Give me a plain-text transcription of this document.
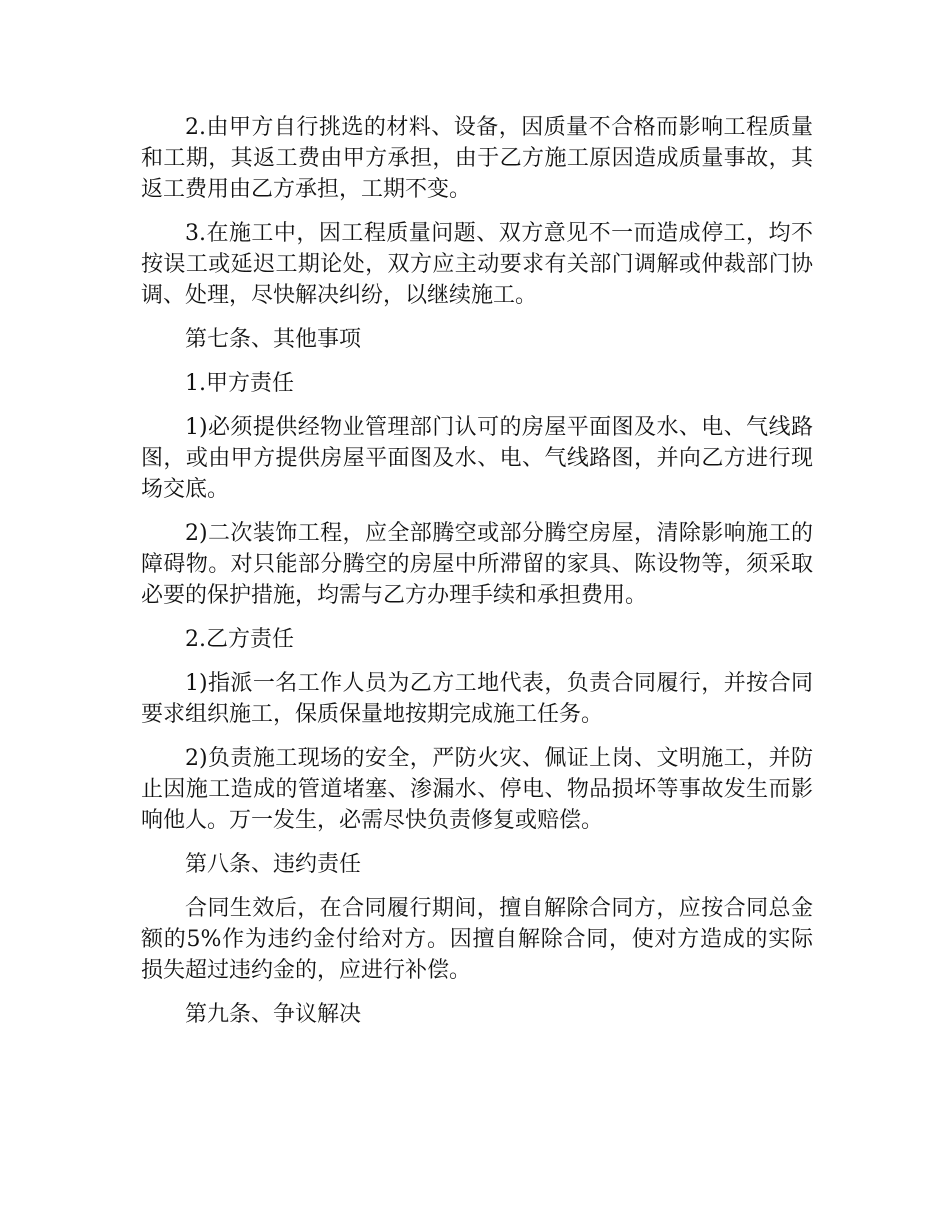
2.由甲方自行挑选的材料、设备，因质量不合格而影响工程质量和工期，其返工费由甲方承担，由于乙方施工原因造成质量事故，其返工费用由乙方承担，工期不变。

3.在施工中，因工程质量问题、双方意见不一而造成停工，均不按误工或延迟工期论处，双方应主动要求有关部门调解或仲裁部门协调、处理，尽快解决纠纷，以继续施工。

第七条、其他事项

1.甲方责任

1)必须提供经物业管理部门认可的房屋平面图及水、电、气线路图，或由甲方提供房屋平面图及水、电、气线路图，并向乙方进行现场交底。

2)二次装饰工程，应全部腾空或部分腾空房屋，清除影响施工的障碍物。对只能部分腾空的房屋中所滞留的家具、陈设物等，须采取必要的保护措施，均需与乙方办理手续和承担费用。

2.乙方责任

1)指派一名工作人员为乙方工地代表，负责合同履行，并按合同要求组织施工，保质保量地按期完成施工任务。

2)负责施工现场的安全，严防火灾、佩证上岗、文明施工，并防止因施工造成的管道堵塞、渗漏水、停电、物品损坏等事故发生而影响他人。万一发生，必需尽快负责修复或赔偿。

第八条、违约责任

合同生效后，在合同履行期间，擅自解除合同方，应按合同总金额的5%作为违约金付给对方。因擅自解除合同，使对方造成的实际损失超过违约金的，应进行补偿。

第九条、争议解决
